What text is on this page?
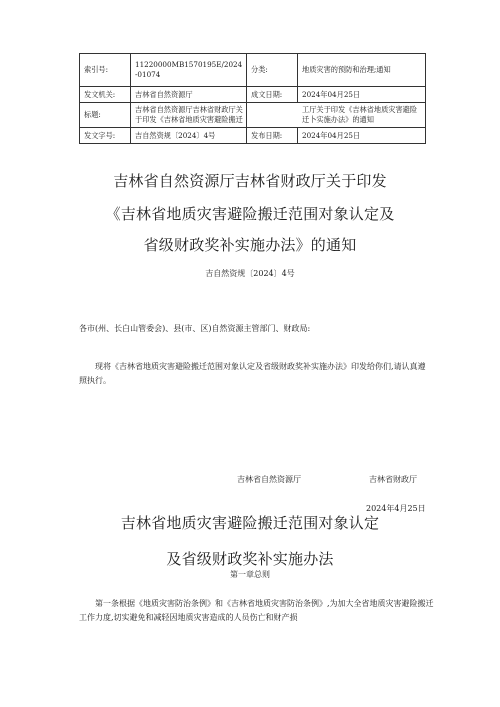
索引号:	11220000MB1570195E/2024-01074	分类:	地质灾害的预防和治理;通知
发文机关:	吉林省自然资源厅	成文日期:	2024年04月25日
标题:	吉林省自然资源厅吉林省财政厅关于印发《吉林省地质灾害避险搬迁	工厅关于印发《吉林省地质灾害避险迁卜实施办法》的通知	

发文字号:	吉自然资规〔2024〕4号	发布日期:	2024年04月25日
吉林省自然资源厅吉林省财政厅关于印发
《吉林省地质灾害避险搬迁范围对象认定及
省级财政奖补实施办法》的通知
吉自然资规〔2024〕4号
各市(州、长白山管委会)、县(市、区)自然资源主管部门、财政局:
现将《吉林省地质灾害避险搬迁范围对象认定及省级财政奖补实施办法》印发给你们,请认真遵照执行。
吉林省自然资源厅	吉林省财政厅
2024年4月25日
吉林省地质灾害避险搬迁范围对象认定
及省级财政奖补实施办法
第一章总则
第一条根据《地质灾害防治条例》和《吉林省地质灾害防治条例》,为加大全省地质灾害避险搬迁工作力度,切实避免和减轻因地质灾害造成的人员伤亡和财产损
